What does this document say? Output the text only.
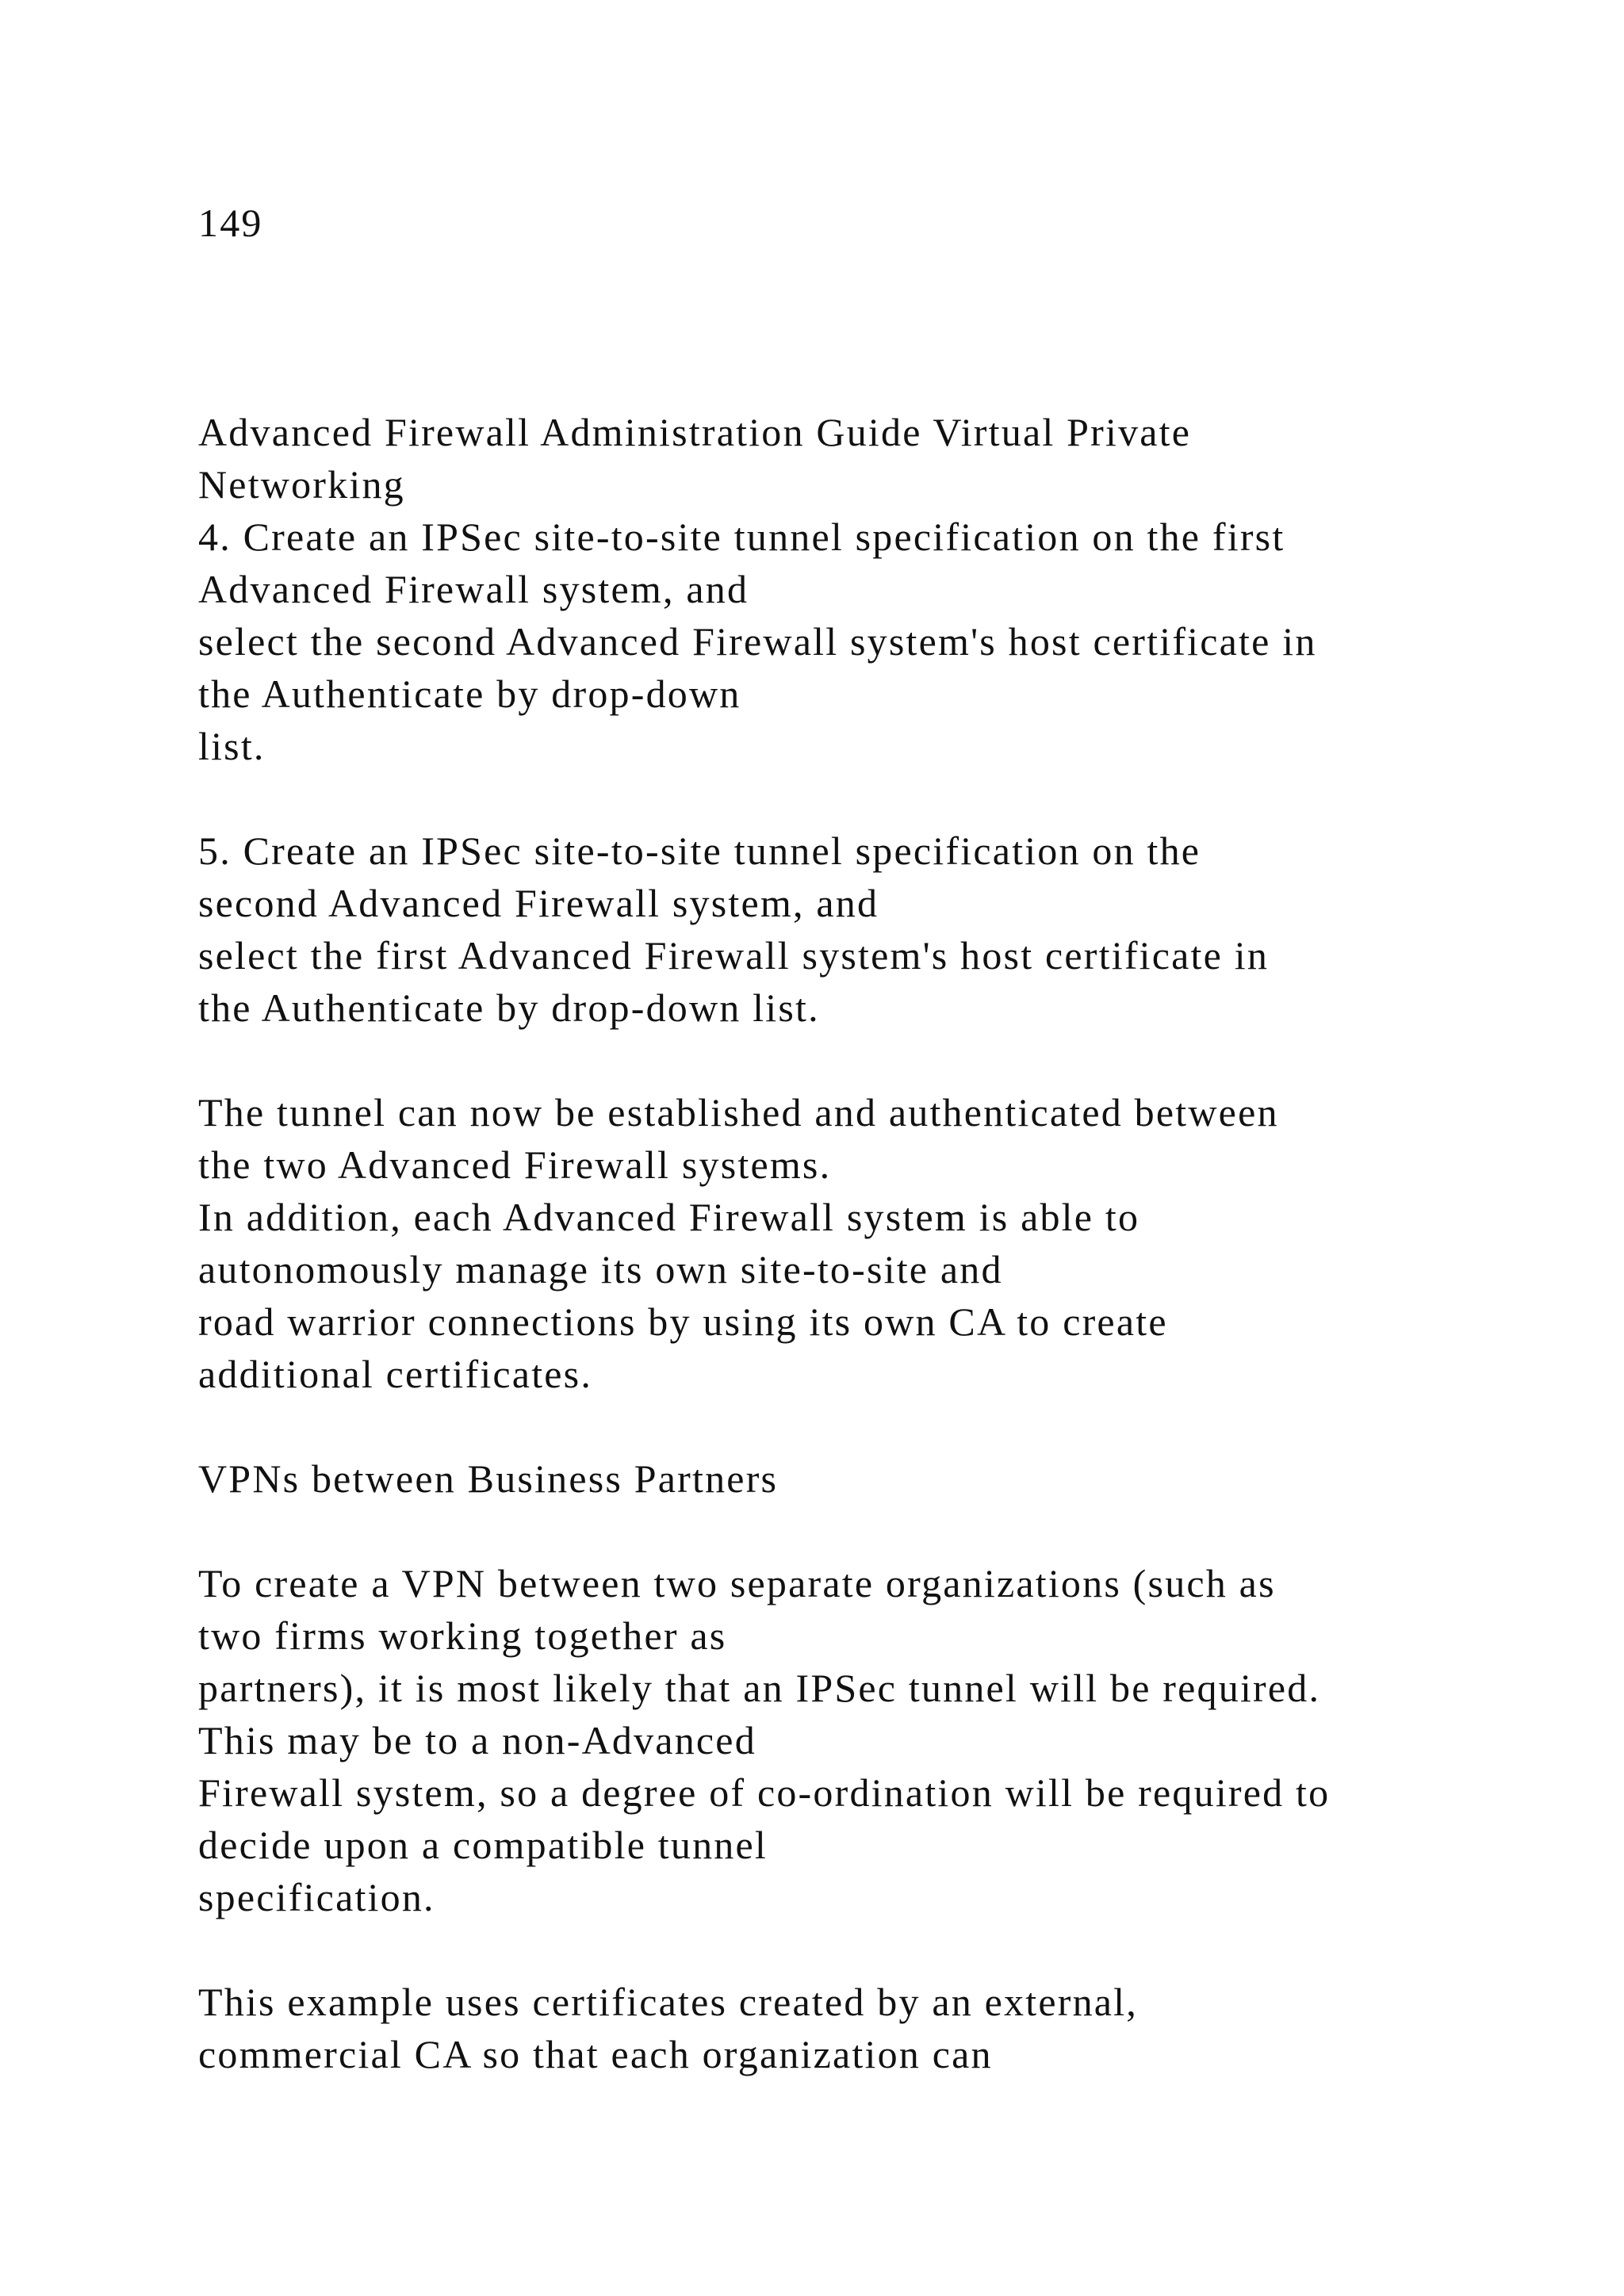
149
Advanced Firewall Administration Guide Virtual Private
Networking
4. Create an IPSec site-to-site tunnel specification on the first
Advanced Firewall system, and
select the second Advanced Firewall system's host certificate in
the Authenticate by drop-down
list.
5. Create an IPSec site-to-site tunnel specification on the
second Advanced Firewall system, and
select the first Advanced Firewall system's host certificate in
the Authenticate by drop-down list.
The tunnel can now be established and authenticated between
the two Advanced Firewall systems.
In addition, each Advanced Firewall system is able to
autonomously manage its own site-to-site and
road warrior connections by using its own CA to create
additional certificates.
VPNs between Business Partners
To create a VPN between two separate organizations (such as
two firms working together as
partners), it is most likely that an IPSec tunnel will be required.
This may be to a non-Advanced
Firewall system, so a degree of co-ordination will be required to
decide upon a compatible tunnel
specification.
This example uses certificates created by an external,
commercial CA so that each organization can
